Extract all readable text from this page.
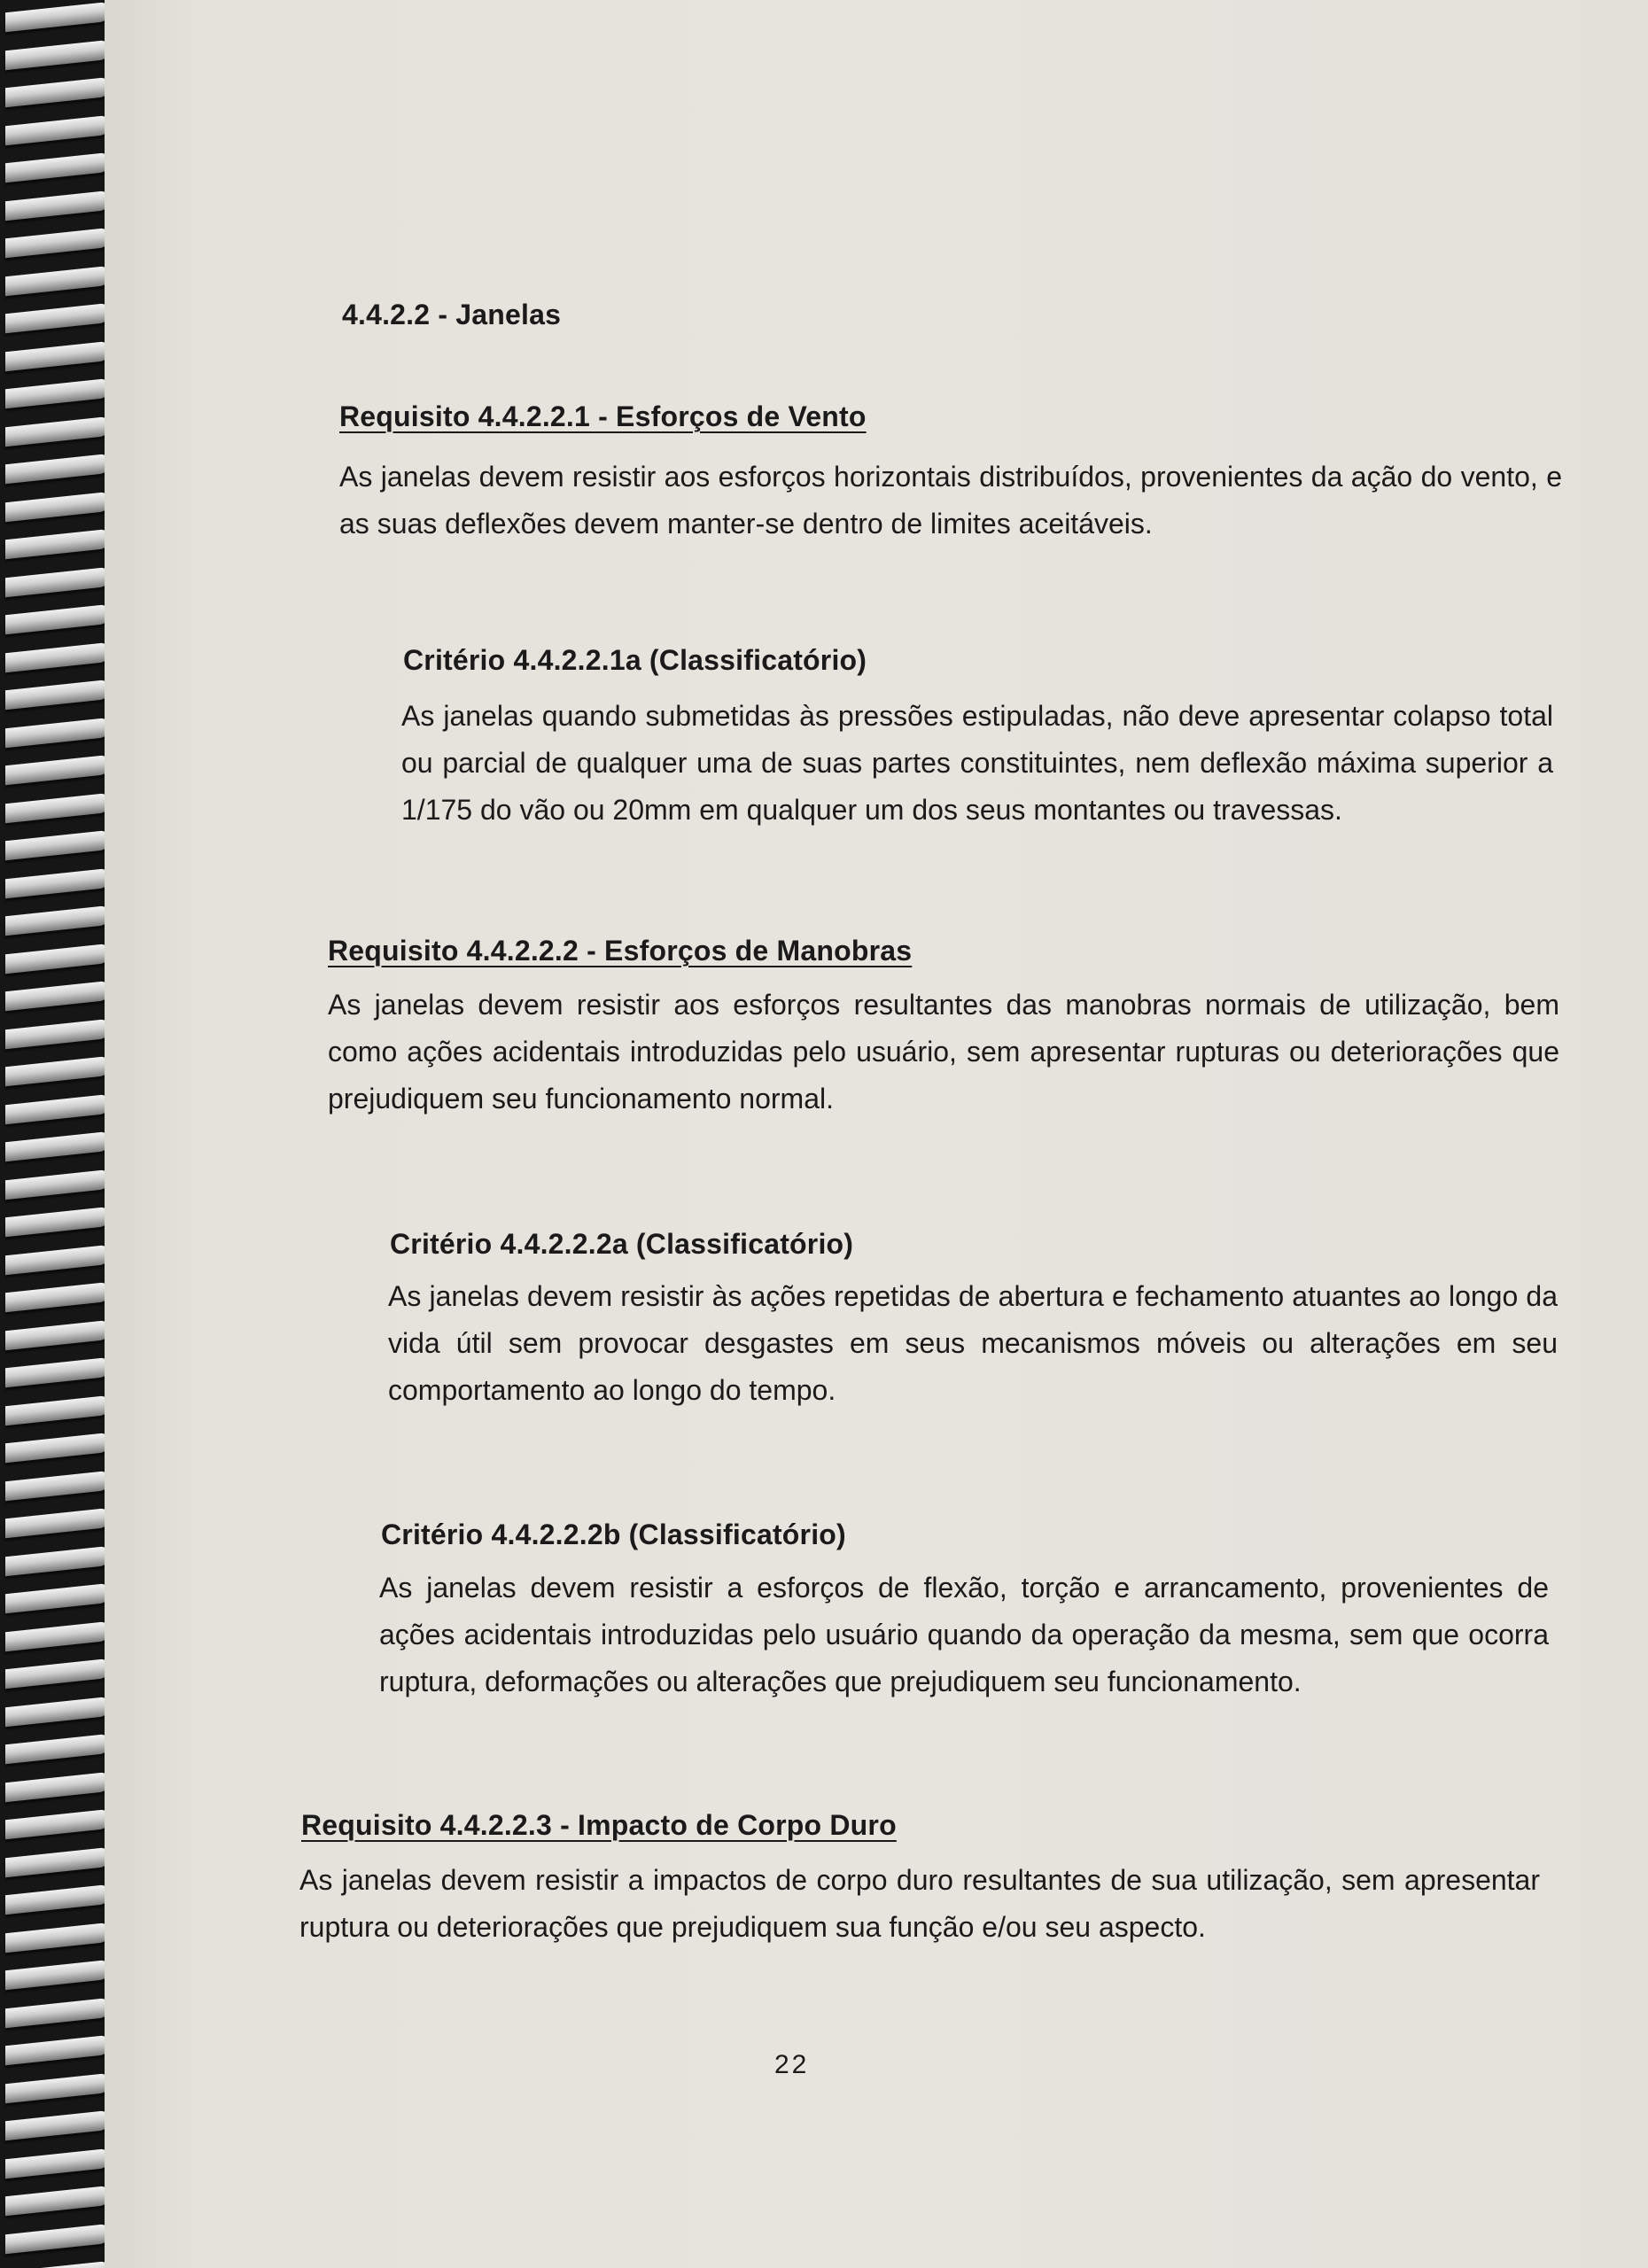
4.4.2.2 - Janelas
Requisito 4.4.2.2.1 - Esforços de Vento
As janelas devem resistir aos esforços horizontais distribuídos, provenientes da ação do vento, e as suas deflexões devem manter-se dentro de limites aceitáveis.
Critério 4.4.2.2.1a (Classificatório)
As janelas quando submetidas às pressões estipuladas, não deve apresentar colapso total ou parcial de qualquer uma de suas partes constituintes, nem deflexão máxima superior a 1/175 do vão ou 20mm em qualquer um dos seus montantes ou travessas.
Requisito 4.4.2.2.2 - Esforços de Manobras
As janelas devem resistir aos esforços resultantes das manobras normais de utilização, bem como ações acidentais introduzidas pelo usuário, sem apresentar rupturas ou deteriorações que prejudiquem seu funcionamento normal.
Critério 4.4.2.2.2a (Classificatório)
As janelas devem resistir às ações repetidas de abertura e fechamento atuantes ao longo da vida útil sem provocar desgastes em seus mecanismos móveis ou alterações em seu comportamento ao longo do tempo.
Critério 4.4.2.2.2b (Classificatório)
As janelas devem resistir a esforços de flexão, torção e arrancamento, provenientes de ações acidentais introduzidas pelo usuário quando da operação da mesma, sem que ocorra ruptura, deformações ou alterações que prejudiquem seu funcionamento.
Requisito 4.4.2.2.3 - Impacto de Corpo Duro
As janelas devem resistir a impactos de corpo duro resultantes de sua utilização, sem apresentar ruptura ou deteriorações que prejudiquem sua função e/ou seu aspecto.
22
